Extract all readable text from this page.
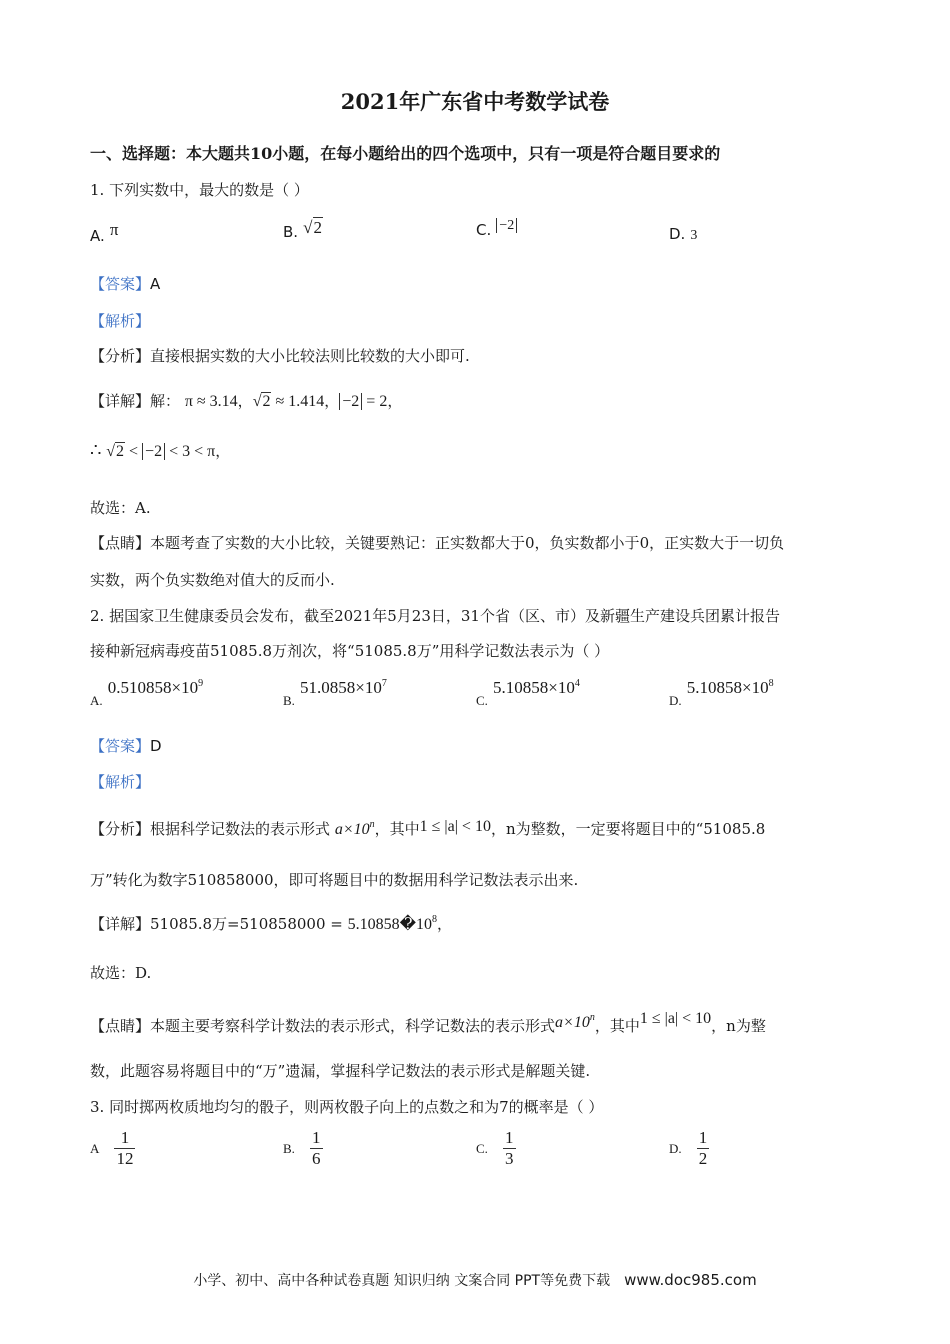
2021年广东省中考数学试卷
一、选择题：本大题共10小题，在每小题给出的四个选项中，只有一项是符合题目要求的
1. 下列实数中，最大的数是（ ）
A. π	B. √2	C. −2	D. 3
【答案】A
【解析】
【分析】直接根据实数的大小比较法则比较数的大小即可.
【详解】解： π ≈ 3.14，√2 ≈ 1.414， −2 = 2，
∴ √2 < −2 < 3 < π，
故选：A.
【点睛】本题考查了实数的大小比较，关键要熟记：正实数都大于0，负实数都小于0，正实数大于一切负
实数，两个负实数绝对值大的反而小.
2. 据国家卫生健康委员会发布，截至2021年5月23日，31个省（区、市）及新疆生产建设兵团累计报告
接种新冠病毒疫苗51085.8万剂次，将“51085.8万”用科学记数法表示为（ ）
$_{A.}$ $0.510858\times 10^9$
$_{B.}$ $51.0858\times 10^7$
$_{C.}$ $5.10858\times 10^4$
$_{D.}$ $5.10858\times 10^8$
【答案】D
【解析】
【分析】根据科学记数法的表示形式 $a\times 10^n$，其中1 ≤ |a| < 10，n为整数，一定要将题目中的“51085.8
万”转化为数字510858000，即可将题目中的数据用科学记数法表示出来.
【详解】51085.8万$=510858000 = 5.10858�10^8$，
故选：D.
【点睛】本题主要考察科学计数法的表示形式，科学记数法的表示形式$a\times 10^n$，其中1 ≤ |a| < 10，n为整
数，此题容易将题目中的“万”遗漏，掌握科学记数法的表示形式是解题关键.
3. 同时掷两枚质地均匀的骰子，则两枚骰子向上的点数之和为7的概率是（ ）
A $\frac{1}{12}$	B. $\frac{1}{6}$	C. $\frac{1}{3}$	D. $\frac{1}{2}$
小学、初中、高中各种试卷真题 知识归纳 文案合同 PPT等免费下载 www.doc985.com
